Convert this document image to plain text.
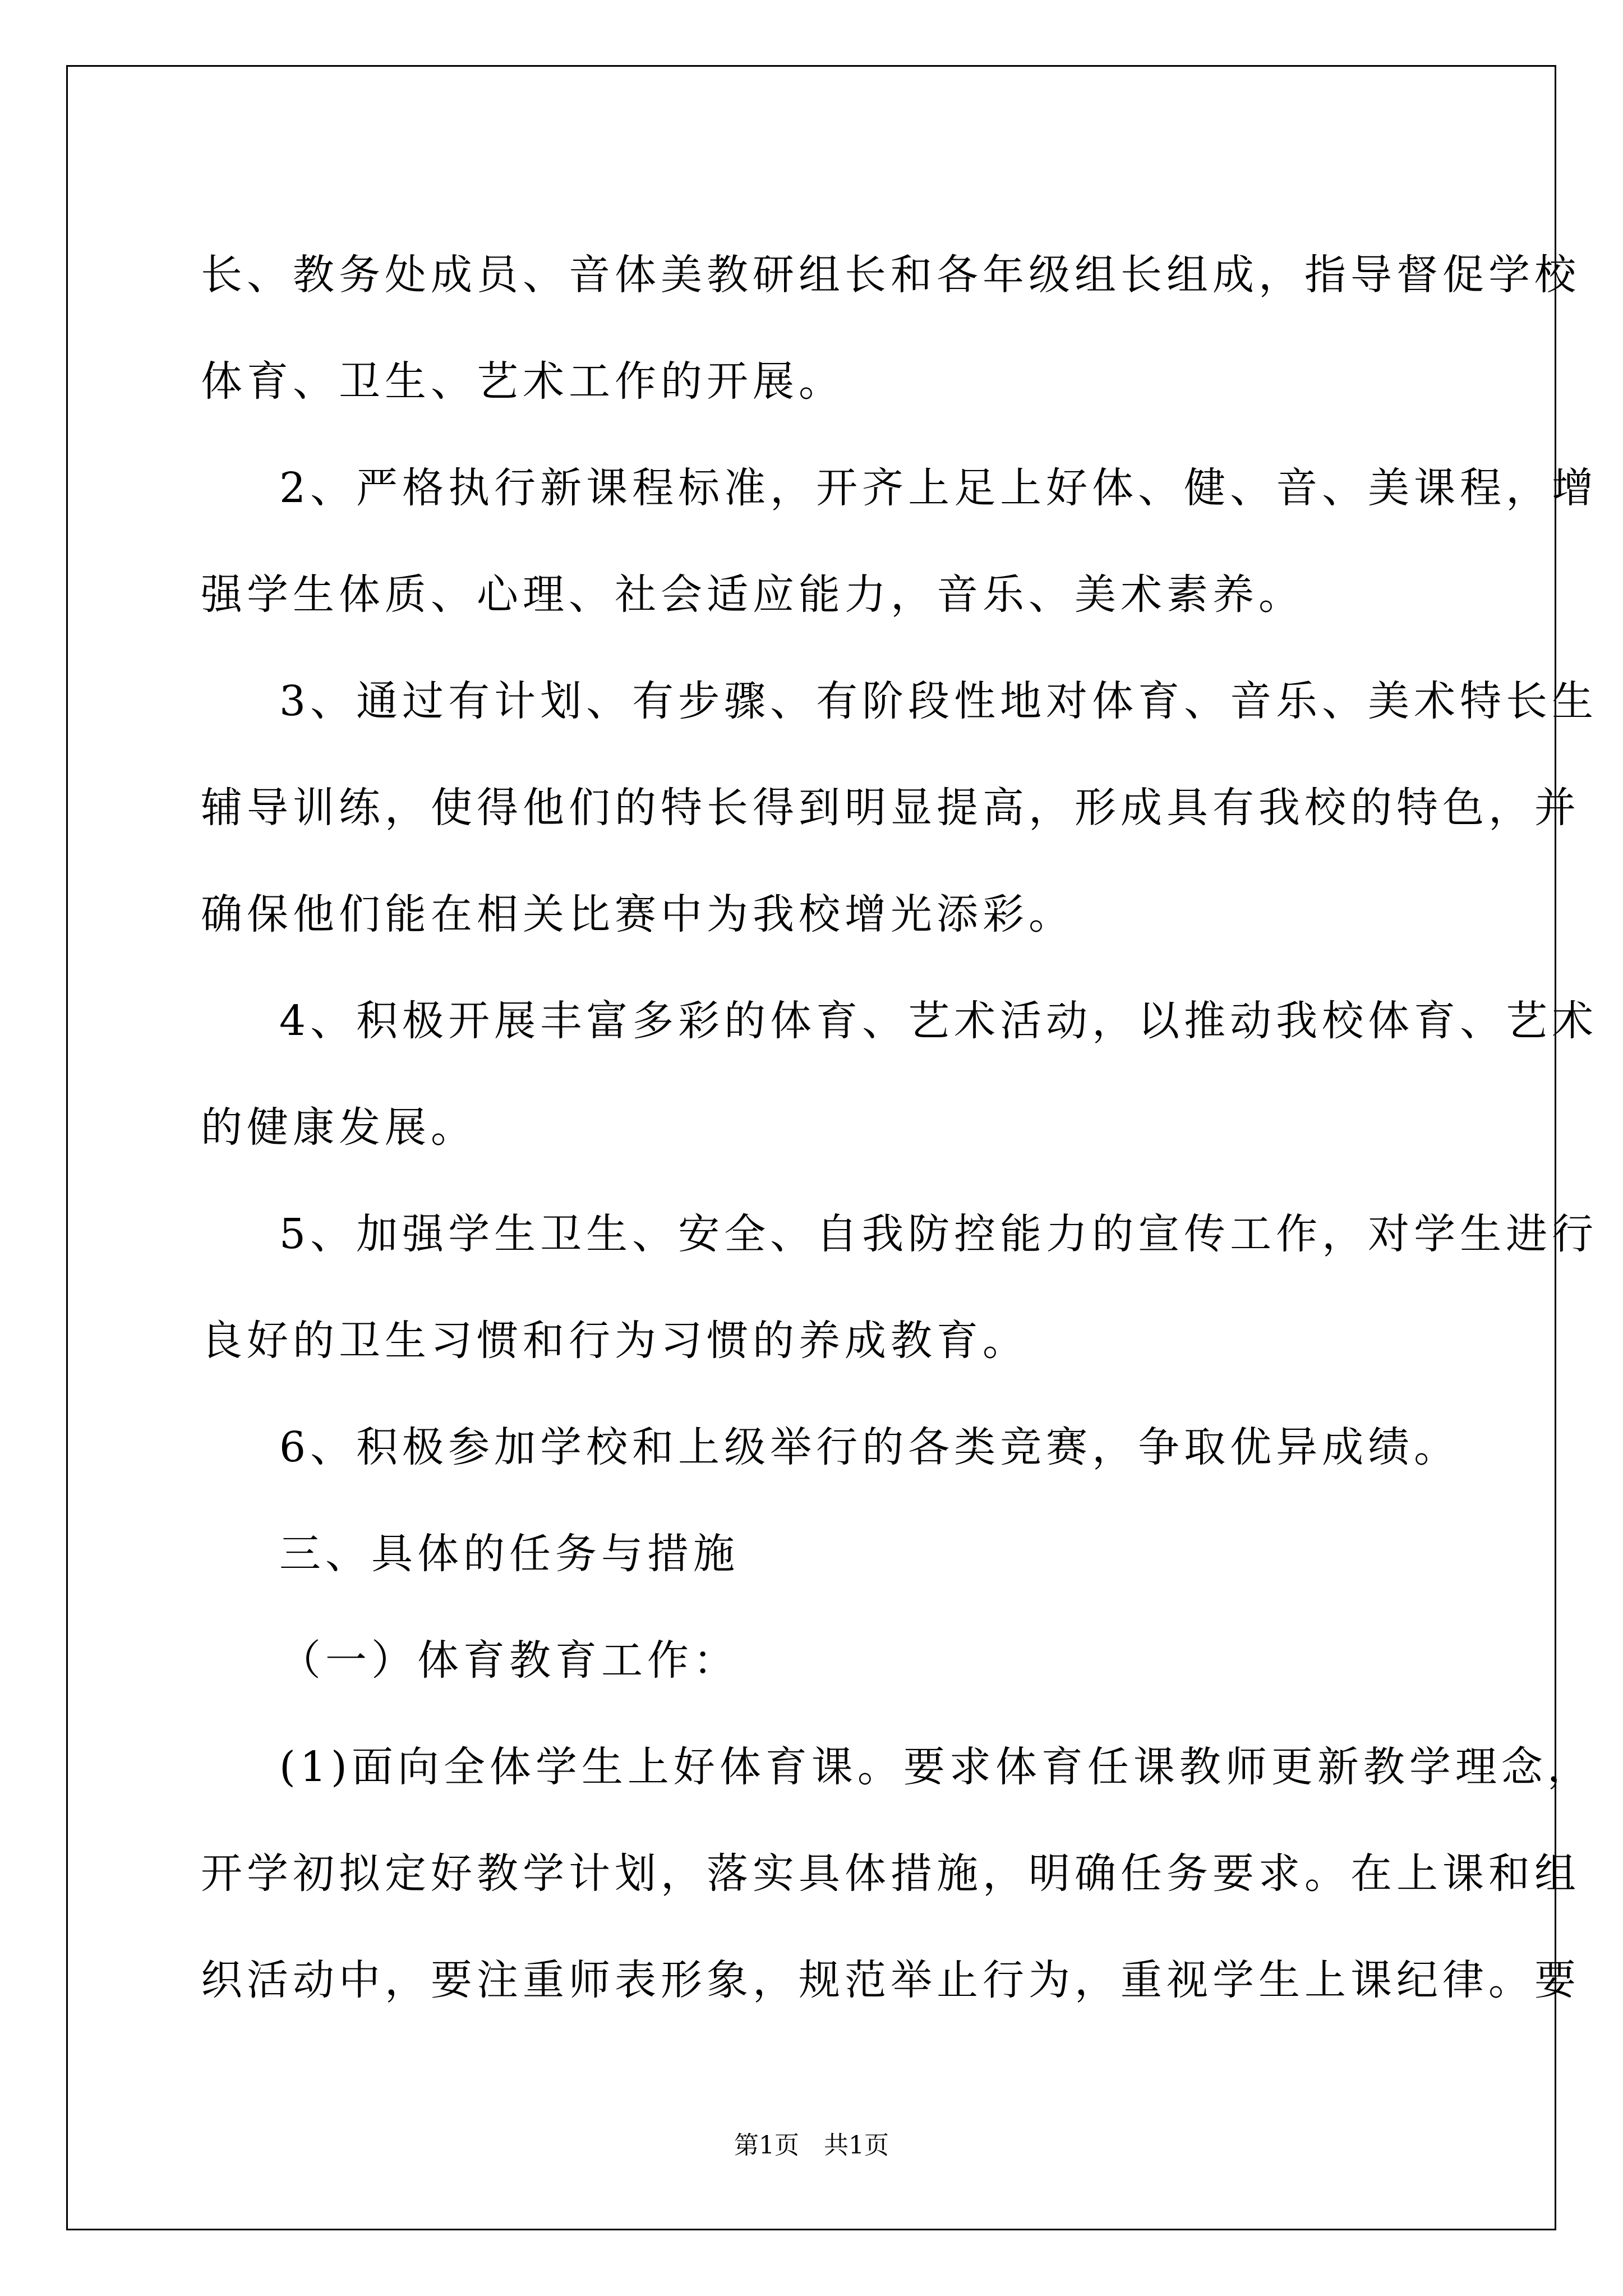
长、教务处成员、音体美教研组长和各年级组长组成，指导督促学校
体育、卫生、艺术工作的开展。
2、严格执行新课程标准，开齐上足上好体、健、音、美课程，增
强学生体质、心理、社会适应能力，音乐、美术素养。
3、通过有计划、有步骤、有阶段性地对体育、音乐、美术特长生
辅导训练，使得他们的特长得到明显提高，形成具有我校的特色，并
确保他们能在相关比赛中为我校增光添彩。
4、积极开展丰富多彩的体育、艺术活动，以推动我校体育、艺术
的健康发展。
5、加强学生卫生、安全、自我防控能力的宣传工作，对学生进行
良好的卫生习惯和行为习惯的养成教育。
6、积极参加学校和上级举行的各类竞赛，争取优异成绩。
三、具体的任务与措施
（一）体育教育工作：
(1)面向全体学生上好体育课。要求体育任课教师更新教学理念，
开学初拟定好教学计划，落实具体措施，明确任务要求。在上课和组
织活动中，要注重师表形象，规范举止行为，重视学生上课纪律。要
第1页　共1页
